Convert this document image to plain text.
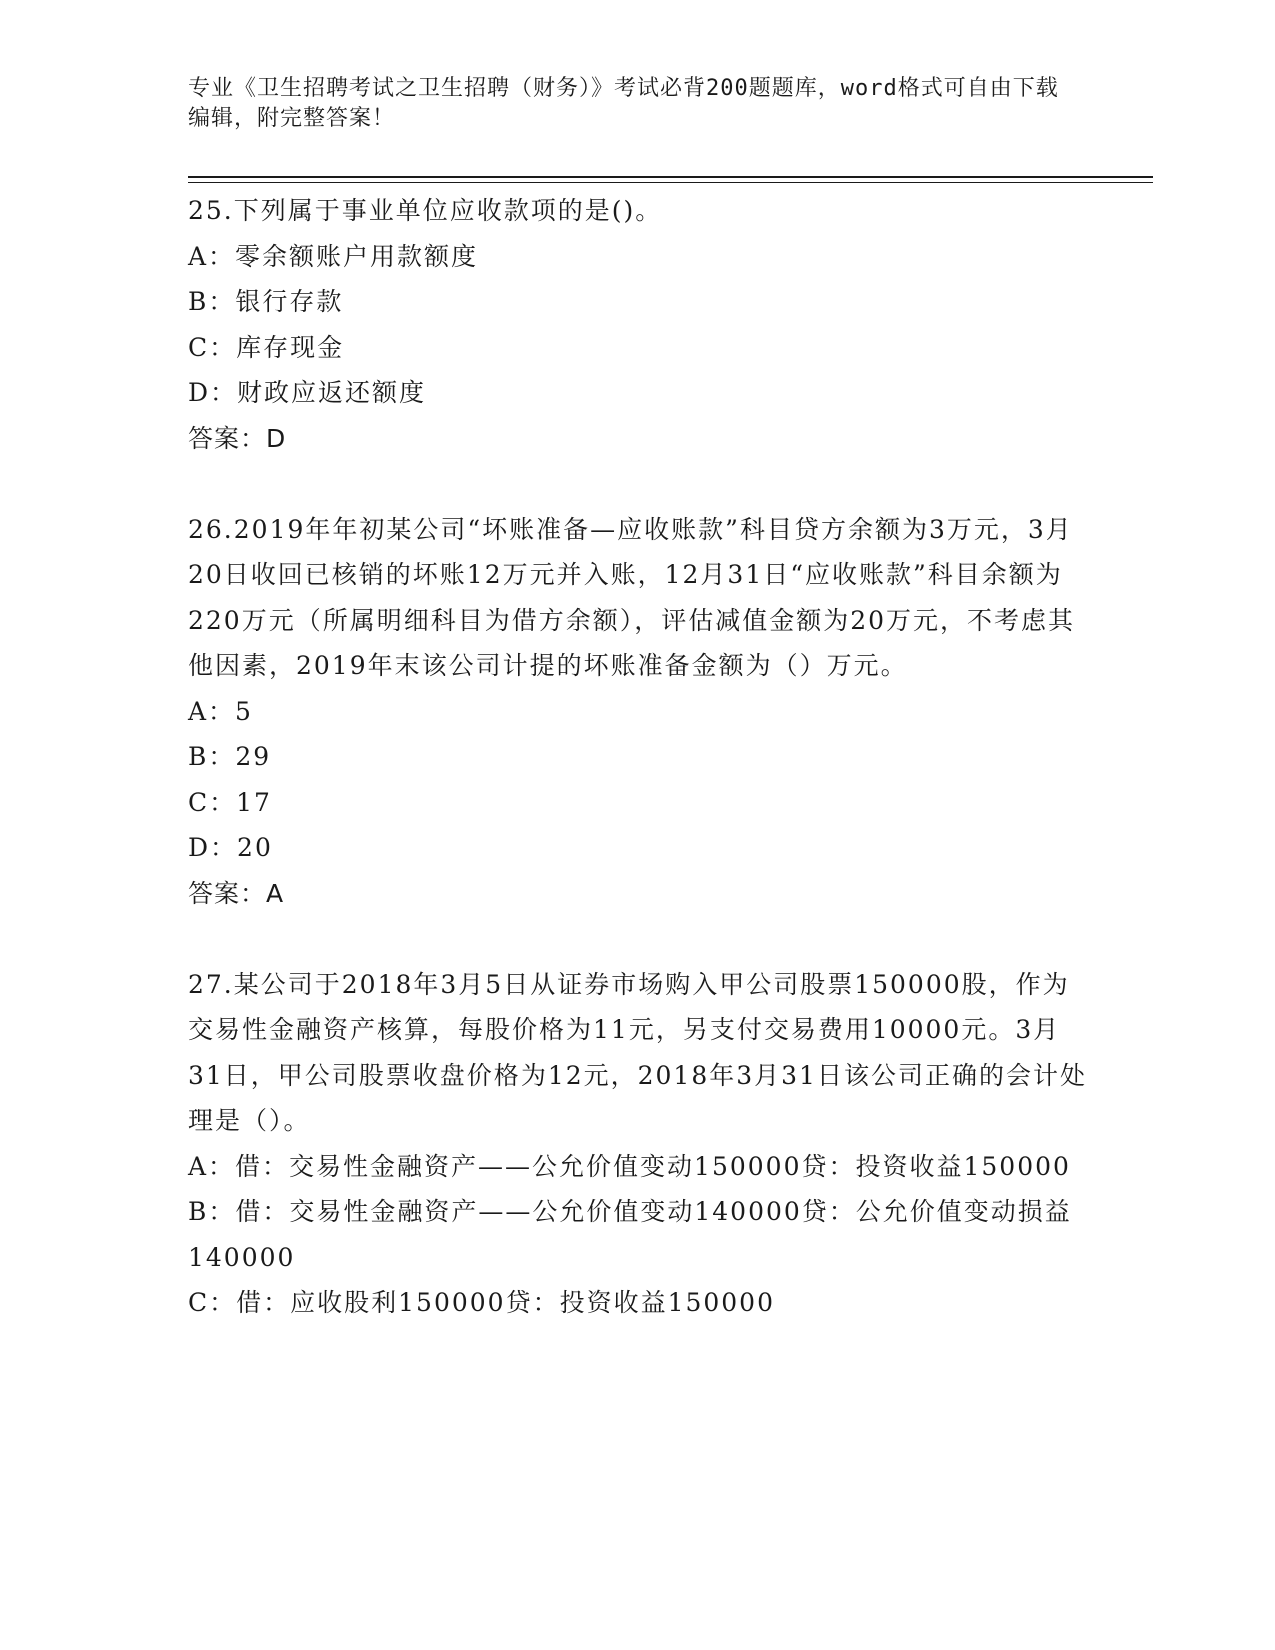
专业《卫生招聘考试之卫生招聘（财务）》考试必背200题题库，word格式可自由下载编辑，附完整答案！

25.下列属于事业单位应收款项的是()。

A：零余额账户用款额度

B：银行存款

C：库存现金

D：财政应返还额度

答案：D

26.2019年年初某公司“坏账准备—应收账款”科目贷方余额为3万元，3月20日收回已核销的坏账12万元并入账，12月31日“应收账款”科目余额为220万元（所属明细科目为借方余额），评估减值金额为20万元，不考虑其他因素，2019年末该公司计提的坏账准备金额为（）万元。

A：5

B：29

C：17

D：20

答案：A

27.某公司于2018年3月5日从证券市场购入甲公司股票150000股，作为交易性金融资产核算，每股价格为11元，另支付交易费用10000元。3月31日，甲公司股票收盘价格为12元，2018年3月31日该公司正确的会计处理是（）。

A：借：交易性金融资产——公允价值变动150000贷：投资收益150000

B：借：交易性金融资产——公允价值变动140000贷：公允价值变动损益140000

C：借：应收股利150000贷：投资收益150000
